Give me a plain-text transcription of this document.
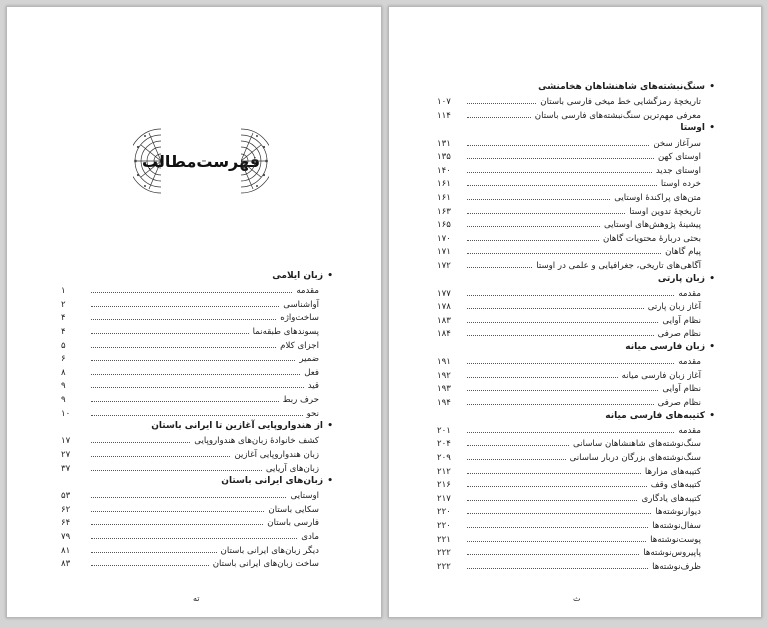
فهرست‌مطالب
•
زبان ایلامی
مقدمه
۱
آواشناسی
۲
ساخت‌واژه
۴
پسوندهای طبقه‌نما
۴
اجزای کلام
۵
ضمیر
۶
فعل
۸
قید
۹
حرف ربط
۹
نحو
۱۰
•
از هندواروپایی آغازین تا ایرانی باستان
کشف خانوادهٔ زبان‌های هندواروپایی
۱۷
زبان هندواروپایی آغازین
۲۷
زبان‌های آریایی
۳۷
•
زبان‌های ایرانی باستان
اوستایی
۵۳
سکایی باستان
۶۲
فارسی باستان
۶۴
مادی
۷۹
دیگر زبان‌های ایرانی باستان
۸۱
ساخت زبان‌های ایرانی باستان
۸۳
ته
•
سنگ‌نبشته‌های شاهنشاهان هخامنشی
تاریخچهٔ رمزگشایی خط میخی فارسی باستان
۱۰۷
معرفی مهم‌ترین سنگ‌نبشته‌های فارسی باستان
۱۱۴
•
اوستا
سرآغاز سخن
۱۳۱
اوستای کهن
۱۳۵
اوستای جدید
۱۴۰
خرده اوستا
۱۶۱
متن‌های پراکندهٔ اوستایی
۱۶۱
تاریخچهٔ تدوین اوستا
۱۶۳
پیشینهٔ پژوهش‌های اوستایی
۱۶۵
بحثی دربارهٔ محتویات گاهان
۱۷۰
پیام گاهان
۱۷۱
آگاهی‌های تاریخی، جغرافیایی و علمی در اوستا
۱۷۲
•
زبان پارتی
مقدمه
۱۷۷
آغاز زبان پارتی
۱۷۸
نظام آوایی
۱۸۳
نظام صرفی
۱۸۴
•
زبان فارسی میانه
مقدمه
۱۹۱
آغاز زبان فارسی میانه
۱۹۲
نظام آوایی
۱۹۳
نظام صرفی
۱۹۴
•
کتیبه‌های فارسی میانه
مقدمه
۲۰۱
سنگ‌نوشته‌های شاهنشاهان ساسانی
۲۰۴
سنگ‌نوشته‌های بزرگان دربار ساسانی
۲۰۹
کتیبه‌های مزارها
۲۱۲
کتیبه‌های وقف
۲۱۶
کتیبه‌های یادگاری
۲۱۷
دیوارنوشته‌ها
۲۲۰
سفال‌نوشته‌ها
۲۲۰
پوست‌نوشته‌ها
۲۲۱
پاپیروس‌نوشته‌ها
۲۲۲
ظرف‌نوشته‌ها
۲۲۲
ث
